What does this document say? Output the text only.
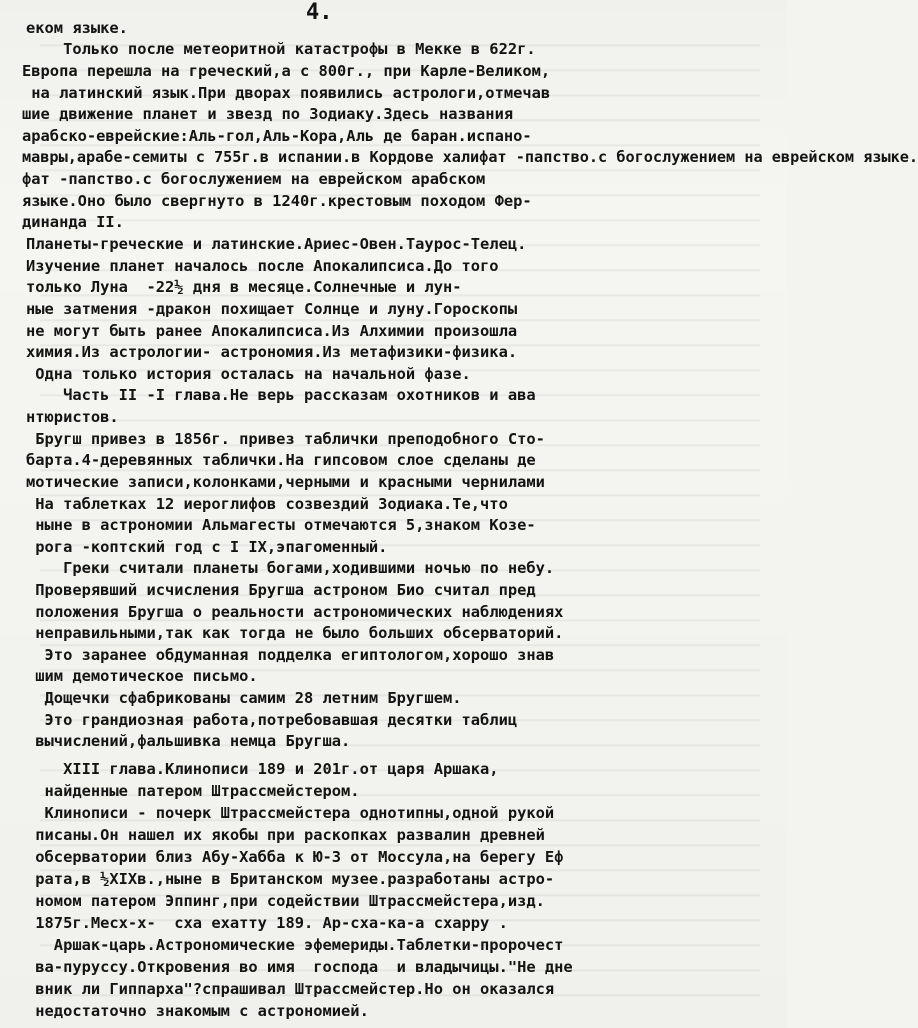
4.
еком языке.
Только после метеоритной катастрофы в Мекке в 622г.
Европа перешла на греческий,а с 800г., при Карле-Великом,
на латинский язык.При дворах появились астрологи,отмечав
шие движение планет и звезд по Зодиаку.Здесь названия
арабско-еврейские:Аль-гол,Аль-Кора,Аль де баран.испано-
мавры,арабе-семиты с 755г.в испании.в Кордове халифат -папство.с богослужением на еврейском языке.
фат -папство.с богослужением на еврейском арабском
языке.Оно было свергнуто в 1240г.крестовым походом Фер-
динанда II.
Планеты-греческие и латинские.Ариес-Овен.Таурос-Телец.
Изучение планет началось после Апокалипсиса.До того
только Луна  -22½ дня в месяце.Солнечные и лун-
ные затмения -дракон похищает Солнце и луну.Гороскопы
не могут быть ранее Апокалипсиса.Из Алхимии произошла
химия.Из астрологии- астрономия.Из метафизики-физика.
Одна только история осталась на начальной фазе.
Часть II -I глава.Не верь рассказам охотников и ава
нтюристов.
Бругш привез в 1856г. привез таблички преподобного Сто-
барта.4-деревянных таблички.На гипсовом слое сделаны де
мотические записи,колонками,черными и красными чернилами
На таблетках 12 иероглифов созвездий Зодиака.Те,что
ныне в астрономии Альмагесты отмечаются 5,знаком Козе-
рога -коптский год с I IX,эпагоменный.
Греки считали планеты богами,ходившими ночью по небу.
Проверявший исчисления Бругша астроном Био считал пред
положения Бругша о реальности астрономических наблюдениях
неправильными,так как тогда не было больших обсерваторий.
Это заранее обдуманная подделка египтологом,хорошо знав
шим демотическое письмо.
Дощечки сфабрикованы самим 28 летним Бругшем.
Это грандиозная работа,потребовавшая десятки таблиц
вычислений,фальшивка немца Бругша.
XIII глава.Клинописи 189 и 201г.от царя Аршака,
найденные патером Штрассмейстером.
Клинописи - почерк Штрассмейстера однотипны,одной рукой
писаны.Он нашел их якобы при раскопках развалин древней
обсерватории близ Абу-Хабба к Ю-З от Моссула,на берегу Еф
рата,в ½XIXв.,ныне в Британском музее.разработаны астро-
номом патером Эппинг,при содействии Штрассмейстера,изд.
1875г.Месх-х-  сха ехатту 189. Ар-сха-ка-а схарру .
Аршак-царь.Астрономические эфемериды.Таблетки-пророчест
ва-пуруссу.Откровения во имя  господа  и владычицы."Не дне
вник ли Гиппарха"?спрашивал Штрассмейстер.Но он оказался
недостаточно знакомым с астрономией.
